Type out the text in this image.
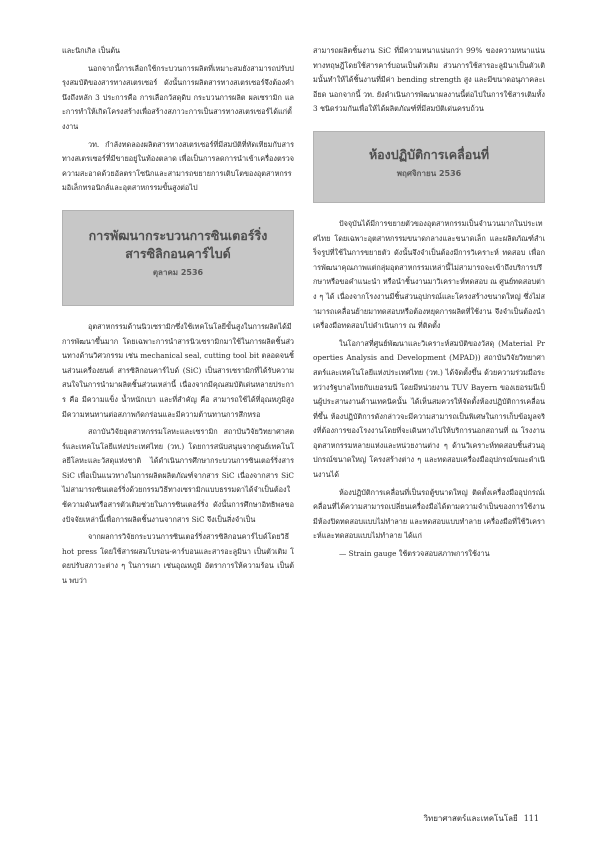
และนิกเกิล เป็นต้น

นอกจากนี้การเลือกใช้กระบวนการผลิตที่เหมาะสมยังสามารถปรับปรุงสมบัติของสารทางสเตรเซอร์ ดังนั้นการผลิตสารทางสเตรเซอร์จึงต้องคำนึงถึงหลัก 3 ประการคือ การเลือกวัสดุดิบ กระบวนการผลิต ผลเซรามิก และการทำให้เกิดโครงสร้างเพื่อสร้างสภาวะการเป็นสารทางสเตรเซอร์ได้แก่ตั้งงาน

วท. กำลังทดลองผลิตสารทางสเตรเซอร์ที่มีสมบัติที่ทัดเทียมกับสารทางสเตรเซอร์ที่มีขายอยู่ในท้องตลาด เพื่อเป็นการลดการนำเข้าเครื่องตรวจความสะอาดด้วยอัลตราโซนิกและสามารถขยายการเติบโตของอุตสาหกรรมอิเล็กทรอนิกส์และอุตสาหกรรมขั้นสูงต่อไป

การพัฒนากระบวนการซินเตอร์ริ่ง
สารซิลิกอนคาร์ไบด์
ตุลาคม 2536

อุตสาหกรรมด้านนิวเซรามิกซึ่งใช้เทคโนโลยีขั้นสูงในการผลิตได้มีการพัฒนาขึ้นมาก โดยเฉพาะการนำสารนิวเซรามิกมาใช้ในการผลิตชิ้นส่วนทางด้านวิศวกรรม เช่น mechanical seal, cutting tool bit ตลอดจนชิ้นส่วนเครื่องยนต์ สารซิลิกอนคาร์ไบด์ (SiC) เป็นสารเซรามิกที่ได้รับความสนใจในการนำมาผลิตชิ้นส่วนเหล่านี้ เนื่องจากมีคุณสมบัติเด่นหลายประการ คือ มีความแข็ง น้ำหนักเบา และที่สำคัญ คือ สามารถใช้ได้ที่อุณหภูมิสูง มีความทนทานต่อสภาพกัดกร่อนและมีความต้านทานการสึกหรอ

สถาบันวิจัยอุตสาหกรรมโลหะและเซรามิก สถาบันวิจัยวิทยาศาสตร์และเทคโนโลยีแห่งประเทศไทย (วท.) โดยการสนับสนุนจากศูนย์เทคโนโลยีโลหะและวัสดุแห่งชาติ ได้ดำเนินการศึกษากระบวนการซินเตอร์ริ่งสาร SiC เพื่อเป็นแนวทางในการผลิตผลิตภัณฑ์จากสาร SiC เนื่องจากสาร SiC ไม่สามารถซินเตอร์ริ่งด้วยกรรมวิธีทางเซรามิกแบบธรรมดาได้จำเป็นต้องใช้ความดันหรือสารตัวเติมช่วยในการซินเตอร์ริ่ง ดังนั้นการศึกษาอิทธิพลของปัจจัยเหล่านี้เพื่อการผลิตชิ้นงานจากสาร SiC จึงเป็นสิ่งจำเป็น

จากผลการวิจัยกระบวนการซินเตอร์ริ่งสารซิลิกอนคาร์ไบด์โดยวิธี hot press โดยใช้สารผสมโบรอน-คาร์บอนและสารอะลูมินา เป็นตัวเติม โดยปรับสภาวะต่าง ๆ ในการเผา เช่นอุณหภูมิ อัตราการให้ความร้อน เป็นต้น พบว่า

สามารถผลิตชิ้นงาน SiC ที่มีความหนาแน่นกว่า 99% ของความหนาแน่นทางทฤษฎีโดยใช้สารคาร์บอนเป็นตัวเติม ส่วนการใช้สารอะลูมินาเป็นตัวเติมนั้นทำให้ได้ชิ้นงานที่มีค่า bending strength สูง และมีขนาดอนุภาคละเอียด นอกจากนี้ วท. ยังดำเนินการพัฒนาผลงานนี้ต่อไปในการใช้สารเติมทั้ง 3 ชนิดร่วมกันเพื่อให้ได้ผลิตภัณฑ์ที่มีสมบัติเด่นครบถ้วน

ห้องปฏิบัติการเคลื่อนที่
พฤศจิกายน 2536

ปัจจุบันได้มีการขยายตัวของอุตสาหกรรมเป็นจำนวนมากในประเทศไทย โดยเฉพาะอุตสาหกรรมขนาดกลางและขนาดเล็ก และผลิตภัณฑ์สำเร็จรูปที่ใช้ในการขยายตัว ดังนั้นจึงจำเป็นต้องมีการวิเคราะห์ ทดสอบ เพื่อการพัฒนาคุณภาพแต่กลุ่มอุตสาหกรรมเหล่านี้ไม่สามารถจะเข้าถึงบริการปรึกษาหรือขอคำแนะนำ หรือนำชิ้นงานมาวิเคราะห์ทดสอบ ณ ศูนย์ทดสอบต่าง ๆ ได้ เนื่องจากโรงงานมีชิ้นส่วนอุปกรณ์และโครงสร้างขนาดใหญ่ ซึ่งไม่สามารถเคลื่อนย้ายมาทดสอบหรือต้องหยุดการผลิตที่ใช้งาน จึงจำเป็นต้องนำเครื่องมือทดสอบไปดำเนินการ ณ ที่ติดตั้ง

ในโอกาสที่ศูนย์พัฒนาและวิเคราะห์สมบัติของวัสดุ (Material Properties Analysis and Development (MPAD)) สถาบันวิจัยวิทยาศาสตร์และเทคโนโลยีแห่งประเทศไทย (วท.) ได้จัดตั้งขึ้น ด้วยความร่วมมือระหว่างรัฐบาลไทยกับเยอรมนี โดยมีหน่วยงาน TUV Bayern ของเยอรมนีเป็นผู้ประสานงานด้านเทคนิคนั้น ได้เห็นสมควรให้จัดตั้งห้องปฏิบัติการเคลื่อนที่ขึ้น ห้องปฏิบัติการดังกล่าวจะมีความสามารถเป็นพิเศษในการเก็บข้อมูลจริงที่ต้องการของโรงงานโดยที่จะเดินทางไปให้บริการนอกสถานที่ ณ โรงงานอุตสาหกรรมหลายแห่งและหน่วยงานต่าง ๆ ด้านวิเคราะห์ทดสอบชิ้นส่วนอุปกรณ์ขนาดใหญ่ โครงสร้างต่าง ๆ และทดสอบเครื่องมืออุปกรณ์ขณะดำเนินงานได้

ห้องปฏิบัติการเคลื่อนที่เป็นรถตู้ขนาดใหญ่ ติดตั้งเครื่องมืออุปกรณ์เคลื่อนที่ได้ความสามารถเปลี่ยนเครื่องมือได้ตามความจำเป็นของการใช้งาน มีห้องปิดทดสอบแบบไม่ทำลาย และทดสอบแบบทำลาย เครื่องมือที่ใช้วิเคราะห์และทดสอบแบบไม่ทำลาย ได้แก่

— Strain gauge ใช้ตรวจสอบสภาพการใช้งาน

วิทยาศาสตร์และเทคโนโลยี 111
